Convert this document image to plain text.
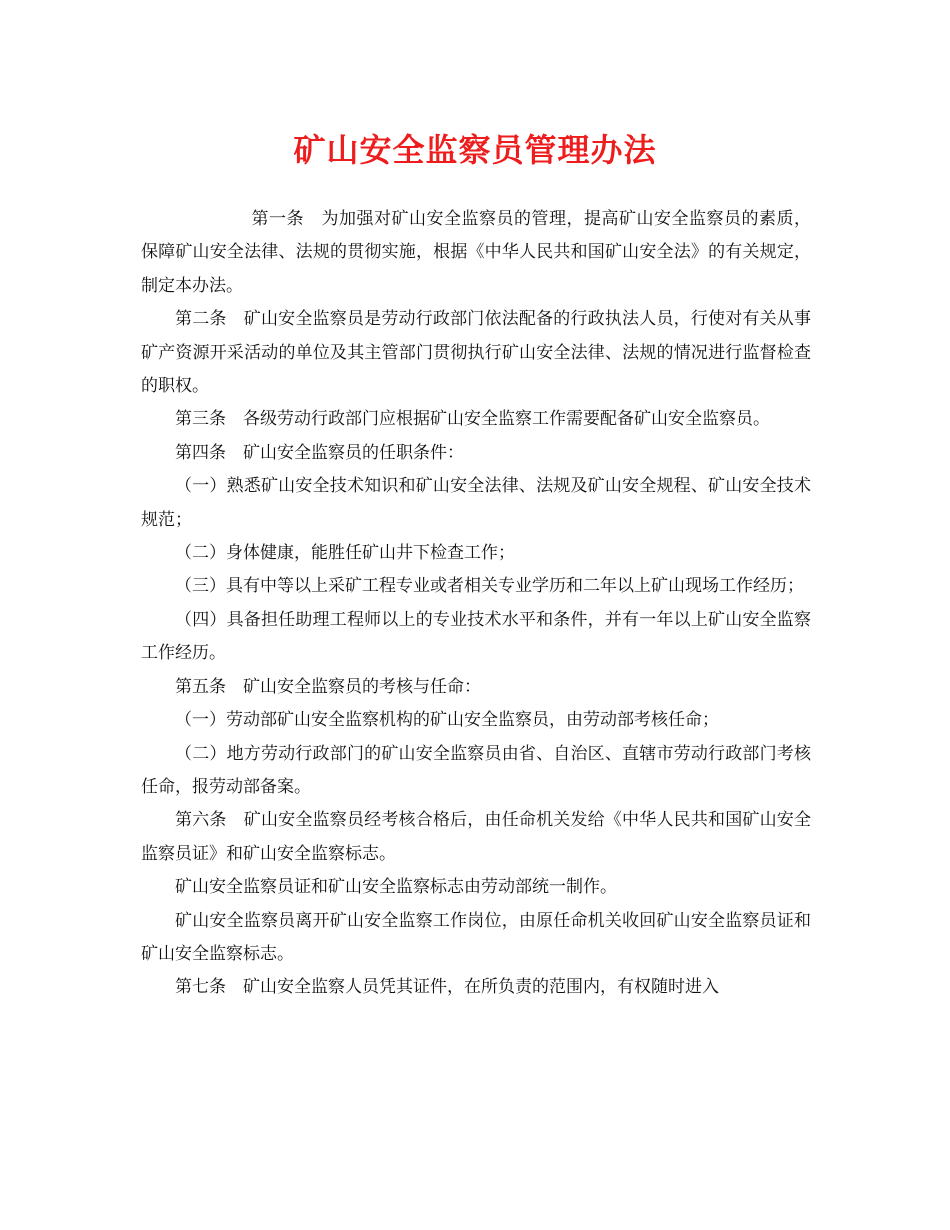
矿山安全监察员管理办法

第一条　为加强对矿山安全监察员的管理，提高矿山安全监察员的素质，保障矿山安全法律、法规的贯彻实施，根据《中华人民共和国矿山安全法》的有关规定，制定本办法。

第二条　矿山安全监察员是劳动行政部门依法配备的行政执法人员，行使对有关从事矿产资源开采活动的单位及其主管部门贯彻执行矿山安全法律、法规的情况进行监督检查的职权。

第三条　各级劳动行政部门应根据矿山安全监察工作需要配备矿山安全监察员。

第四条　矿山安全监察员的任职条件：

（一）熟悉矿山安全技术知识和矿山安全法律、法规及矿山安全规程、矿山安全技术规范；

（二）身体健康，能胜任矿山井下检查工作；

（三）具有中等以上采矿工程专业或者相关专业学历和二年以上矿山现场工作经历；

（四）具备担任助理工程师以上的专业技术水平和条件，并有一年以上矿山安全监察工作经历。

第五条　矿山安全监察员的考核与任命：

（一）劳动部矿山安全监察机构的矿山安全监察员，由劳动部考核任命；

（二）地方劳动行政部门的矿山安全监察员由省、自治区、直辖市劳动行政部门考核任命，报劳动部备案。

第六条　矿山安全监察员经考核合格后，由任命机关发给《中华人民共和国矿山安全监察员证》和矿山安全监察标志。

矿山安全监察员证和矿山安全监察标志由劳动部统一制作。

矿山安全监察员离开矿山安全监察工作岗位，由原任命机关收回矿山安全监察员证和矿山安全监察标志。

第七条　矿山安全监察人员凭其证件，在所负责的范围内，有权随时进入
